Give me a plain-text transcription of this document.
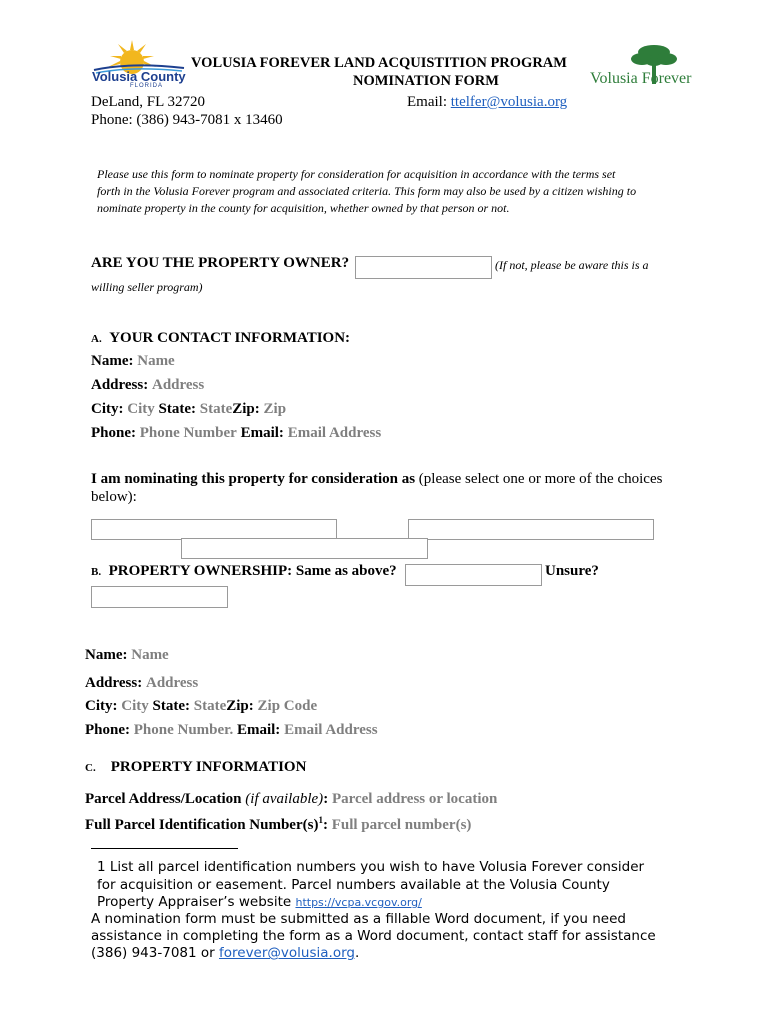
Volusia County
FLORIDA
VOLUSIA FOREVER LAND ACQUISTITION PROGRAM
NOMINATION FORM	Volusia Forever
DeLand, FL 32720	Email: ttelfer@volusia.org
Phone: (386) 943-7081 x 13460
Please use this form to nominate property for consideration for acquisition in accordance with the terms set
forth in the Volusia Forever program and associated criteria. This form may also be used by a citizen wishing to
nominate property in the county for acquisition, whether owned by that person or not.
ARE YOU THE PROPERTY OWNER?	(If not, please be aware this is a
willing seller program)
A. YOUR CONTACT INFORMATION:
Name: Name
Address: Address
City: City State: StateZip: Zip
Phone: Phone Number Email: Email Address
I am nominating this property for consideration as (please select one or more of the choices
below):
B. PROPERTY OWNERSHIP: Same as above?	Unsure?
Name: Name
Address: Address
City: City State: StateZip: Zip Code
Phone: Phone Number. Email: Email Address
C. PROPERTY INFORMATION
Parcel Address/Location (if available): Parcel address or location
Full Parcel Identification $Number(s)^1$: Full parcel number(s)
1 List all parcel identification numbers you wish to have Volusia Forever consider
for acquisition or easement. Parcel numbers available at the Volusia County
Property Appraiser’s website https://vcpa.vcgov.org/
A nomination form must be submitted as a fillable Word document, if you need
assistance in completing the form as a Word document, contact staff for assistance
(386) 943-7081 or forever@volusia.org.
